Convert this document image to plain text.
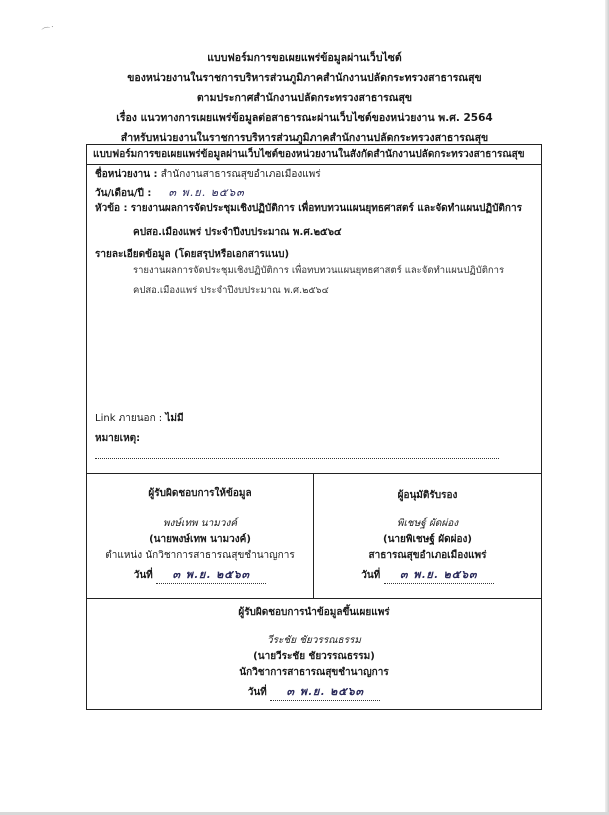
⌒˙
แบบฟอร์มการขอเผยแพร่ข้อมูลผ่านเว็บไซต์
ของหน่วยงานในราชการบริหารส่วนภูมิภาคสำนักงานปลัดกระทรวงสาธารณสุข
ตามประกาศสำนักงานปลัดกระทรวงสาธารณสุข
เรื่อง แนวทางการเผยแพร่ข้อมูลต่อสาธารณะผ่านเว็บไซต์ของหน่วยงาน พ.ศ. 2564
สำหรับหน่วยงานในราชการบริหารส่วนภูมิภาคสำนักงานปลัดกระทรวงสาธารณสุข
แบบฟอร์มการขอเผยแพร่ข้อมูลผ่านเว็บไซต์ของหน่วยงานในสังกัดสำนักงานปลัดกระทรวงสาธารณสุข
ชื่อหน่วยงาน : สำนักงานสาธารณสุขอำเภอเมืองแพร่
วัน/เดือน/ปี : ๓ พ.ย. ๒๕๖๓
หัวข้อ : รายงานผลการจัดประชุมเชิงปฏิบัติการ เพื่อทบทวนแผนยุทธศาสตร์ และจัดทำแผนปฏิบัติการ
คปสอ.เมืองแพร่ ประจำปีงบประมาณ พ.ศ.๒๕๖๔
รายละเอียดข้อมูล (โดยสรุปหรือเอกสารแนบ)
รายงานผลการจัดประชุมเชิงปฏิบัติการ เพื่อทบทวนแผนยุทธศาสตร์ และจัดทำแผนปฏิบัติการ
คปสอ.เมืองแพร่ ประจำปีงบประมาณ พ.ศ.๒๕๖๔
Link ภายนอก : ไม่มี
หมายเหตุ:
ผู้รับผิดชอบการให้ข้อมูล
พงษ์เทพ นามวงค์
(นายพงษ์เทพ นามวงค์)
ตำแหน่ง นักวิชาการสาธารณสุขชำนาญการ
วันที่ ๓ พ.ย. ๒๕๖๓
ผู้อนุมัติรับรอง
พิเชษฐ์ ผัดผ่อง
(นายพิเชษฐ์ ผัดผ่อง)
สาธารณสุขอำเภอเมืองแพร่
วันที่ ๓ พ.ย. ๒๕๖๓
ผู้รับผิดชอบการนำข้อมูลขึ้นเผยแพร่
วีระชัย ชัยวรรณธรรม
(นายวีระชัย ชัยวรรณธรรม)
นักวิชาการสาธารณสุขชำนาญการ
วันที่ ๓ พ.ย. ๒๕๖๓
